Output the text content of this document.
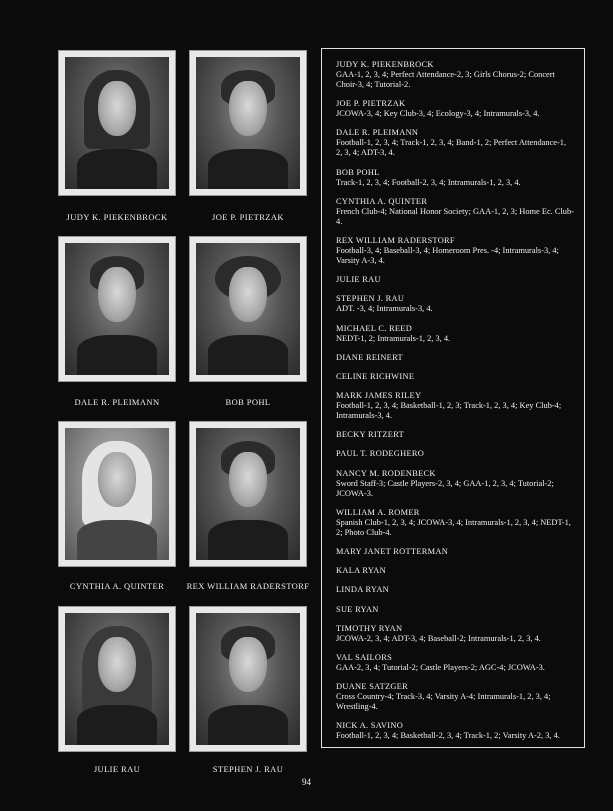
JUDY K. PIEKENBROCK	JOE P. PIETRZAK
DALE R. PLEIMANN	BOB POHL
CYNTHIA A. QUINTER	REX WILLIAM RADERSTORF
JULIE RAU	STEPHEN J. RAU
JUDY K. PIEKENBROCK
GAA-1, 2, 3, 4; Perfect Attendance-2, 3; Girls Chorus-2; Concert Choir-3, 4; Tutorial-2.
JOE P. PIETRZAK
JCOWA-3, 4; Key Club-3, 4; Ecology-3, 4; Intramurals-3, 4.
DALE R. PLEIMANN
Football-1, 2, 3, 4; Track-1, 2, 3, 4; Band-1, 2; Perfect Attendance-1, 2, 3, 4; ADT-3, 4.
BOB POHL
Track-1, 2, 3, 4; Football-2, 3, 4; Intramurals-1, 2, 3, 4.
CYNTHIA A. QUINTER
French Club-4; National Honor Society; GAA-1, 2, 3; Home Ec. Club-4.
REX WILLIAM RADERSTORF
Football-3, 4; Baseball-3, 4; Homeroom Pres. -4; Intramurals-3, 4; Varsity A-3, 4.
JULIE RAU
STEPHEN J. RAU
ADT. -3, 4; Intramurals-3, 4.
MICHAEL C. REED
NEDT-1, 2; Intramurals-1, 2, 3, 4.
DIANE REINERT
CELINE RICHWINE
MARK JAMES RILEY
Football-1, 2, 3, 4; Basketball-1, 2, 3; Track-1, 2, 3, 4; Key Club-4; Intramurals-3, 4.
BECKY RITZERT
PAUL T. RODEGHERO
NANCY M. RODENBECK
Sword Staff-3; Castle Players-2, 3, 4; GAA-1, 2, 3, 4; Tutorial-2; JCOWA-3.
WILLIAM A. ROMER
Spanish Club-1, 2, 3, 4; JCOWA-3, 4; Intramurals-1, 2, 3, 4; NEDT-1, 2; Photo Club-4.
MARY JANET ROTTERMAN
KALA RYAN
LINDA RYAN
SUE RYAN
TIMOTHY RYAN
JCOWA-2, 3, 4; ADT-3, 4; Baseball-2; Intramurals-1, 2, 3, 4.
VAL SAILORS
GAA-2, 3, 4; Tutorial-2; Castle Players-2; AGC-4; JCOWA-3.
DUANE SATZGER
Cross Country-4; Track-3, 4; Varsity A-4; Intramurals-1, 2, 3, 4; Wrestling-4.
NICK A. SAVINO
Football-1, 2, 3, 4; Basketball-2, 3, 4; Track-1, 2; Varsity A-2, 3, 4.
94
